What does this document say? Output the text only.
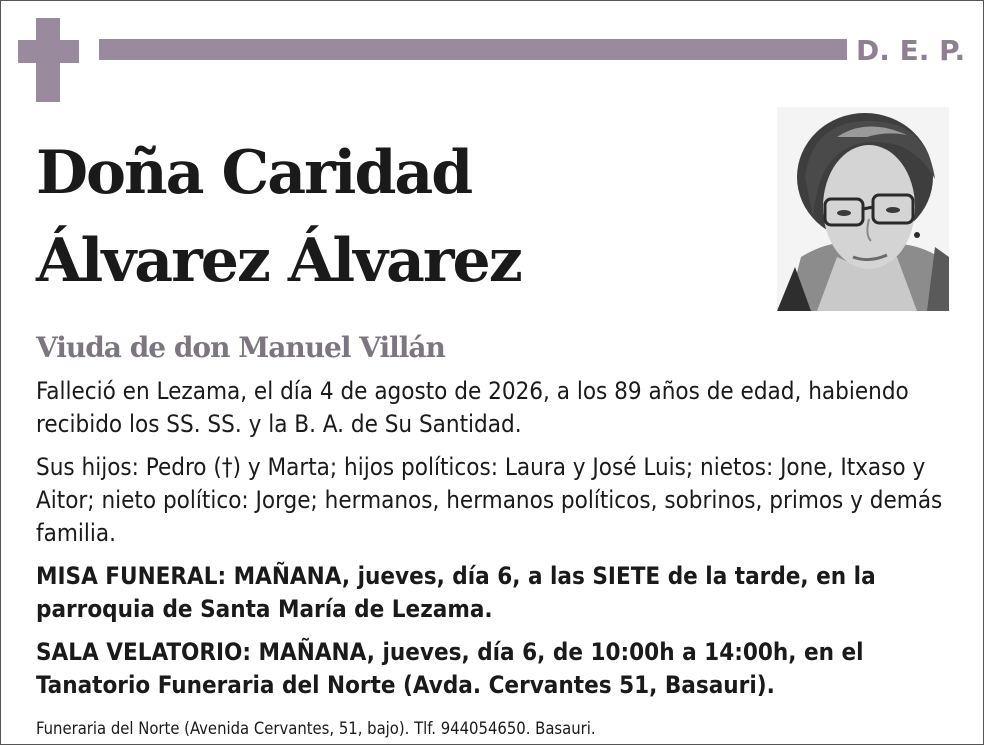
D. E. P.
Doña Caridad
Álvarez Álvarez
Viuda de don Manuel Villán

Falleció en Lezama, el día 4 de agosto de 2026, a los 89 años de edad, habiendo recibido los SS. SS. y la B. A. de Su Santidad.

Sus hijos: Pedro (†) y Marta; hijos políticos: Laura y José Luis; nietos: Jone, Itxaso y Aitor; nieto político: Jorge; hermanos, hermanos políticos, sobrinos, primos y demás familia.

MISA FUNERAL: MAÑANA, jueves, día 6, a las SIETE de la tarde, en la parroquia de Santa María de Lezama.

SALA VELATORIO: MAÑANA, jueves, día 6, de 10:00h a 14:00h, en el Tanatorio Funeraria del Norte (Avda. Cervantes 51, Basauri).

Funeraria del Norte (Avenida Cervantes, 51, bajo). Tlf. 944054650. Basauri.
